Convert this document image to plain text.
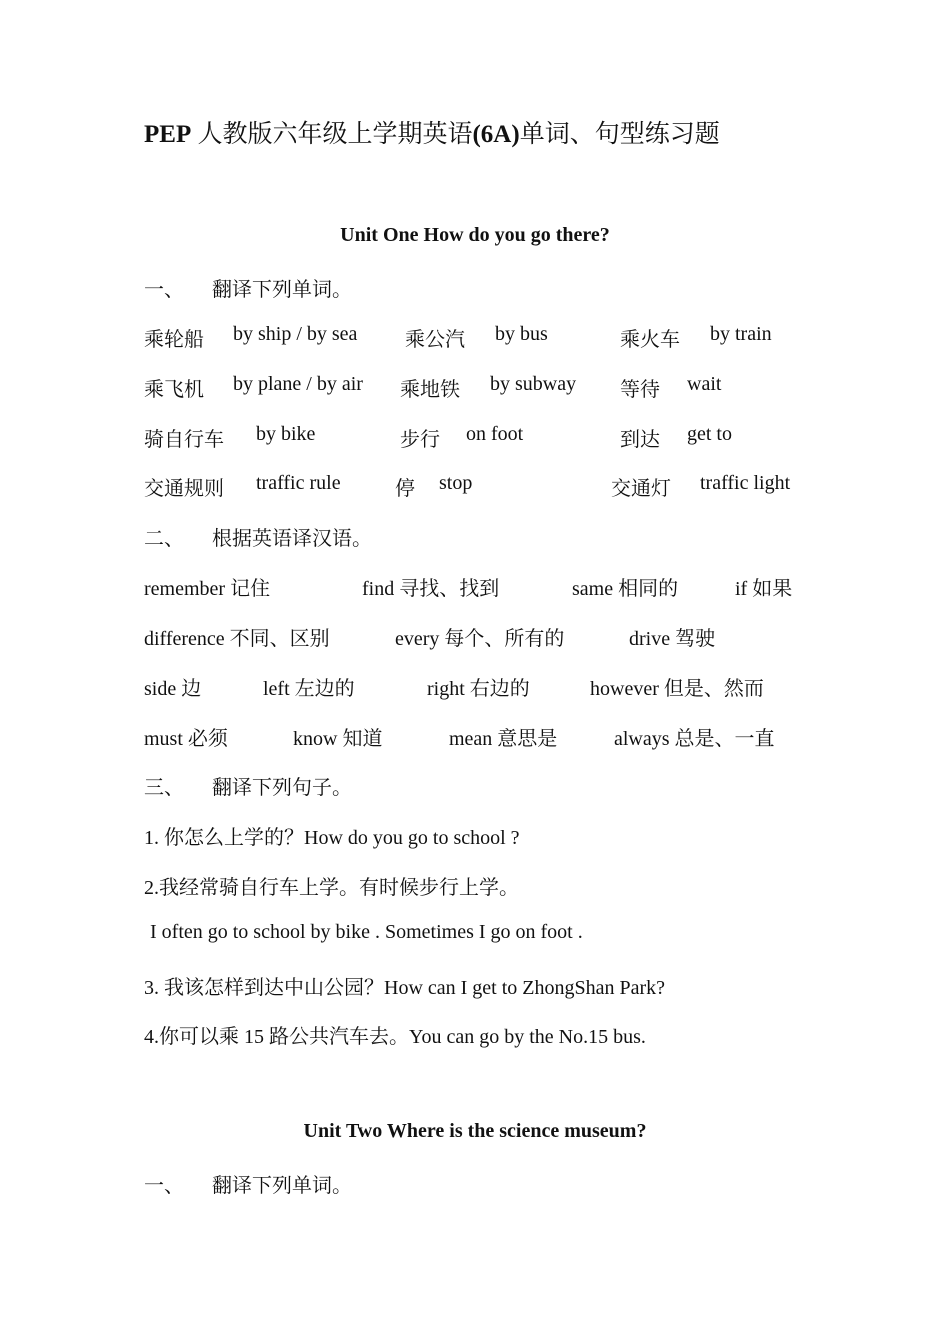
PEP 人教版六年级上学期英语(6A)单词、句型练习题
Unit One How do you go there?
一、 翻译下列单词。
乘轮船 by ship / by sea 乘公汽 by bus	乘火车 by train
乘飞机 by plane / by air 乘地铁 by subway 等待 wait
骑自行车 by bike	步行 on foot	到达 get to
交通规则 traffic rule	停 stop	交通灯 traffic light
二、 根据英语译汉语。
remember 记住	find 寻找、找到	same 相同的	if 如果
difference 不同、区别	every 每个、所有的	drive 驾驶
side 边	left 左边的	right 右边的	however 但是、然而
must 必须	know 知道	mean 意思是	always 总是、一直
三、 翻译下列句子。
1. 你怎么上学的？How do you go to school ?
2.我经常骑自行车上学。有时候步行上学。
I often go to school by bike . Sometimes I go on foot .
3. 我该怎样到达中山公园？How can I get to ZhongShan Park?
4.你可以乘 15 路公共汽车去。You can go by the No.15 bus.
Unit Two Where is the science museum?
一、 翻译下列单词。
